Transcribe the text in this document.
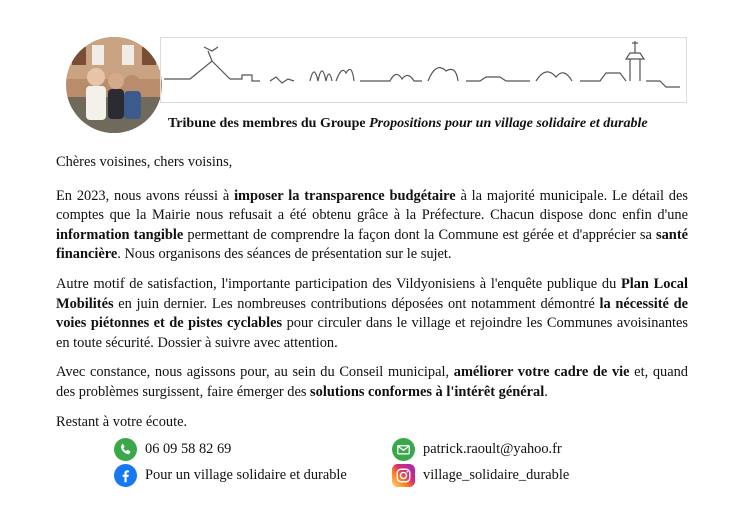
Tribune des membres du Groupe Propositions pour un village solidaire et durable

Chères voisines, chers voisins,

En 2023, nous avons réussi à imposer la transparence budgétaire à la majorité municipale. Le détail des comptes que la Mairie nous refusait a été obtenu grâce à la Préfecture. Chacun dispose donc enfin d'une information tangible permettant de comprendre la façon dont la Commune est gérée et d'apprécier sa santé financière. Nous organisons des séances de présentation sur le sujet.

Autre motif de satisfaction, l'importante participation des Vildyonisiens à l'enquête publique du Plan Local Mobilités en juin dernier. Les nombreuses contributions déposées ont notamment démontré la nécessité de voies piétonnes et de pistes cyclables pour circuler dans le village et rejoindre les Communes avoisinantes en toute sécurité. Dossier à suivre avec attention.

Avec constance, nous agissons pour, au sein du Conseil municipal, améliorer votre cadre de vie et, quand des problèmes surgissent, faire émerger des solutions conformes à l'intérêt général.

Restant à votre écoute.

06 09 58 82 69
Pour un village solidaire et durable
patrick.raoult@yahoo.fr
village_solidaire_durable
